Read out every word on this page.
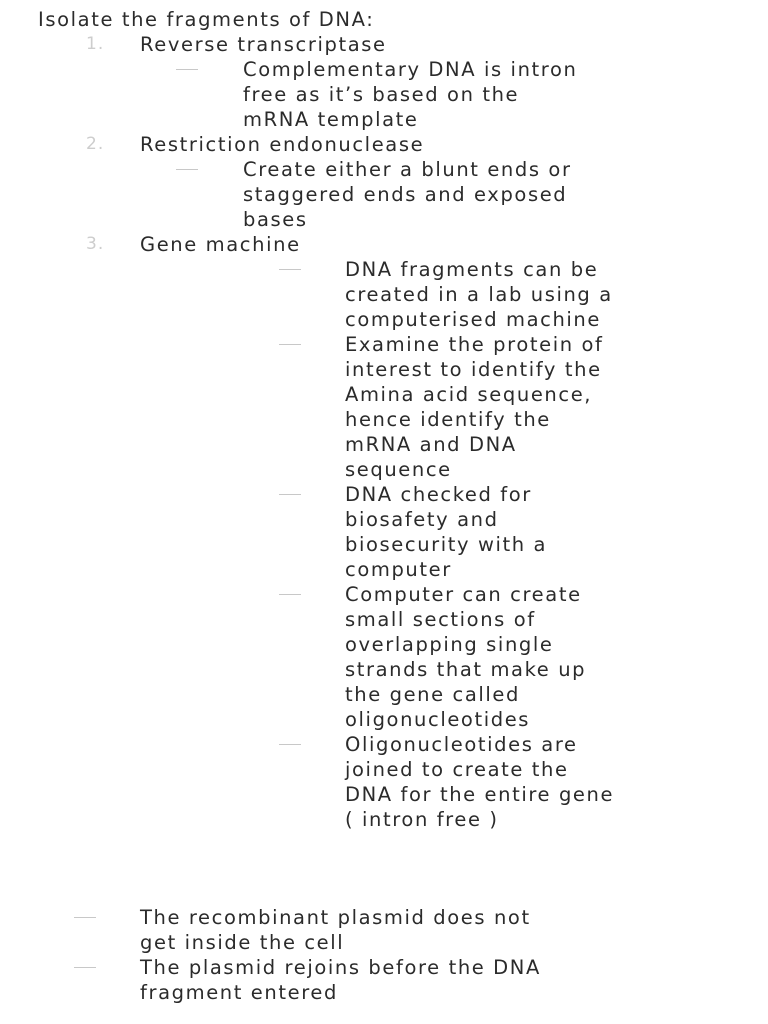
Isolate the fragments of DNA:

1. Reverse transcriptase

Complementary DNA is intron

free as it’s based on the

mRNA template

2. Restriction endonuclease

Create either a blunt ends or

staggered ends and exposed

bases

3. Gene machine

DNA fragments can be

created in a lab using a

computerised machine

Examine the protein of

interest to identify the

Amina acid sequence,

hence identify the

mRNA and DNA

sequence

DNA checked for

biosafety and

biosecurity with a

computer

Computer can create

small sections of

overlapping single

strands that make up

the gene called

oligonucleotides

Oligonucleotides are

joined to create the

DNA for the entire gene

( intron free )

The recombinant plasmid does not

get inside the cell

The plasmid rejoins before the DNA

fragment entered
